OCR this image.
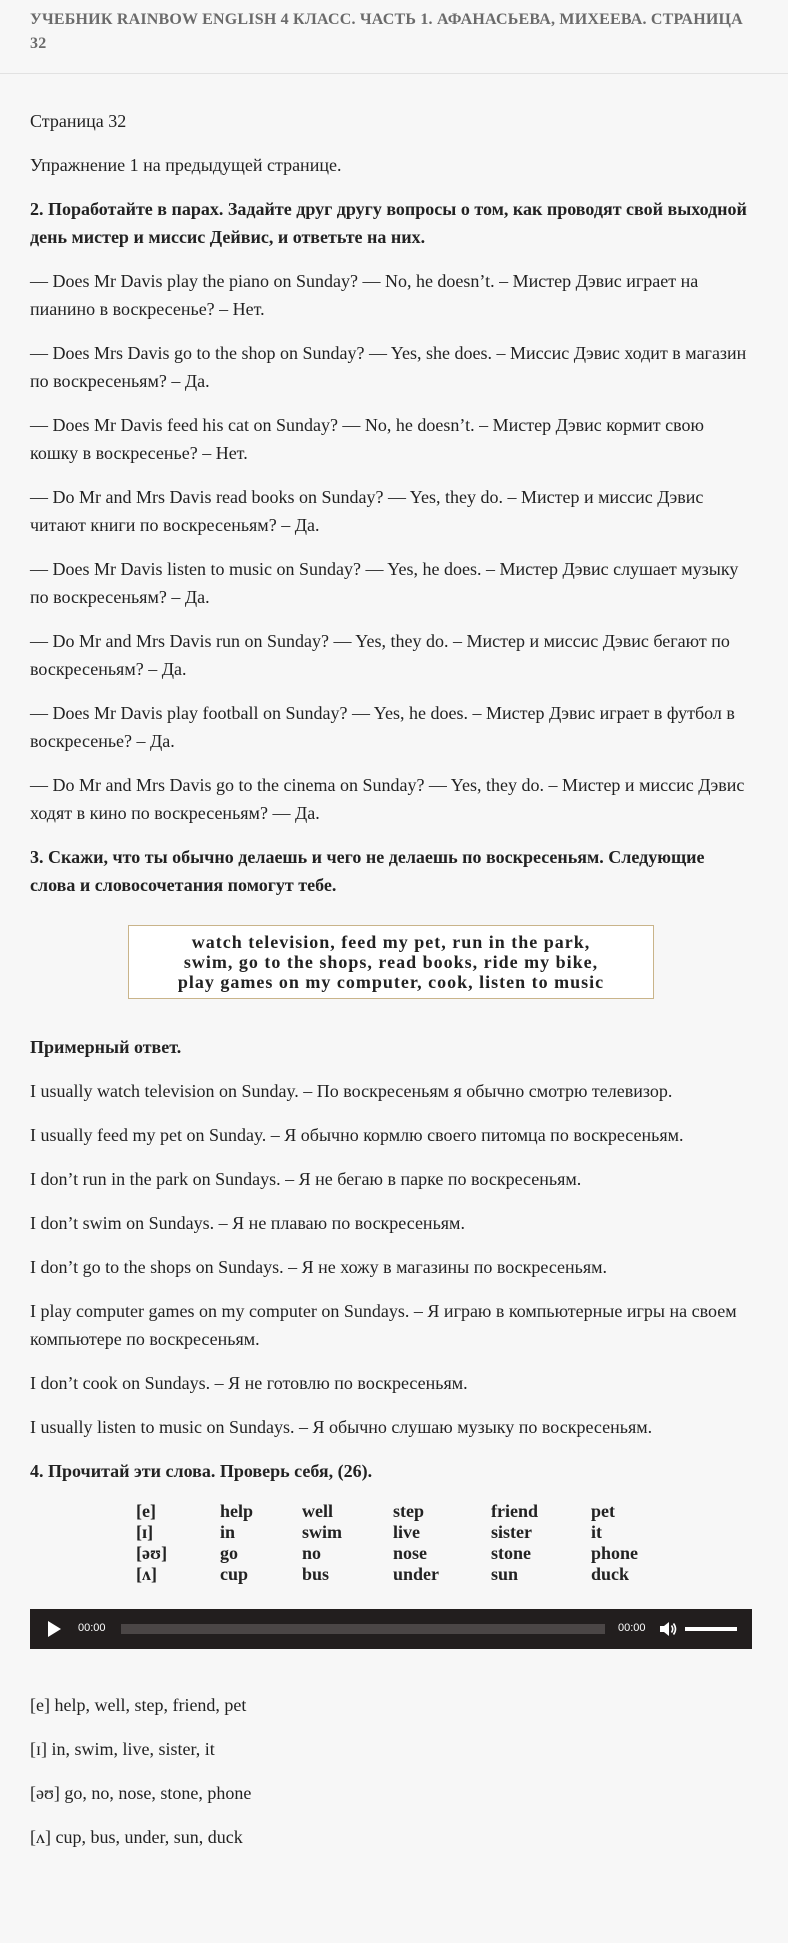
УЧЕБНИК RAINBOW ENGLISH 4 КЛАСС. ЧАСТЬ 1. АФАНАСЬЕВА, МИХЕЕВА. СТРАНИЦА 32

Страница 32

Упражнение 1 на предыдущей странице.

2. Поработайте в парах. Задайте друг другу вопросы о том, как проводят свой выходной день мистер и миссис Дейвис, и ответьте на них.

— Does Mr Davis play the piano on Sunday? — No, he doesn’t. – Мистер Дэвис играет на пианино в воскресенье? – Нет.

— Does Mrs Davis go to the shop on Sunday? — Yes, she does. – Миссис Дэвис ходит в магазин по воскресеньям? – Да.

— Does Mr Davis feed his cat on Sunday? — No, he doesn’t. – Мистер Дэвис кормит свою кошку в воскресенье? – Нет.

— Do Mr and Mrs Davis read books on Sunday? — Yes, they do. – Мистер и миссис Дэвис читают книги по воскресеньям? – Да.

— Does Mr Davis listen to music on Sunday? — Yes, he does. – Мистер Дэвис слушает музыку по воскресеньям? – Да.

— Do Mr and Mrs Davis run on Sunday? — Yes, they do. – Мистер и миссис Дэвис бегают по воскресеньям? – Да.

— Does Mr Davis play football on Sunday? — Yes, he does. – Мистер Дэвис играет в футбол в воскресенье? – Да.

— Do Mr and Mrs Davis go to the cinema on Sunday? — Yes, they do. – Мистер и миссис Дэвис ходят в кино по воскресеньям? — Да.

3. Скажи, что ты обычно делаешь и чего не делаешь по воскресеньям. Следующие слова и словосочетания помогут тебе.

watch television, feed my pet, run in the park,
swim, go to the shops, read books, ride my bike,
play games on my computer, cook, listen to music

Примерный ответ.

I usually watch television on Sunday. – По воскресеньям я обычно смотрю телевизор.

I usually feed my pet on Sunday. – Я обычно кормлю своего питомца по воскресеньям.

I don’t run in the park on Sundays. – Я не бегаю в парке по воскресеньям.

I don’t swim on Sundays. – Я не плаваю по воскресеньям.

I don’t go to the shops on Sundays. – Я не хожу в магазины по воскресеньям.

I play computer games on my computer on Sundays. – Я играю в компьютерные игры на своем компьютере по воскресеньям.

I don’t cook on Sundays. – Я не готовлю по воскресеньям.

I usually listen to music on Sundays. – Я обычно слушаю музыку по воскресеньям.

4. Прочитай эти слова. Проверь себя, (26).

[e]	help	well	step	friend	pet
[ɪ]	in	swim	live	sister	it
[əʊ]	go	no	nose	stone	phone
[ʌ]	cup	bus	under	sun	duck
00:00	00:00

[e] help, well, step, friend, pet

[ɪ] in, swim, live, sister, it

[əʊ] go, no, nose, stone, phone

[ʌ] cup, bus, under, sun, duck
